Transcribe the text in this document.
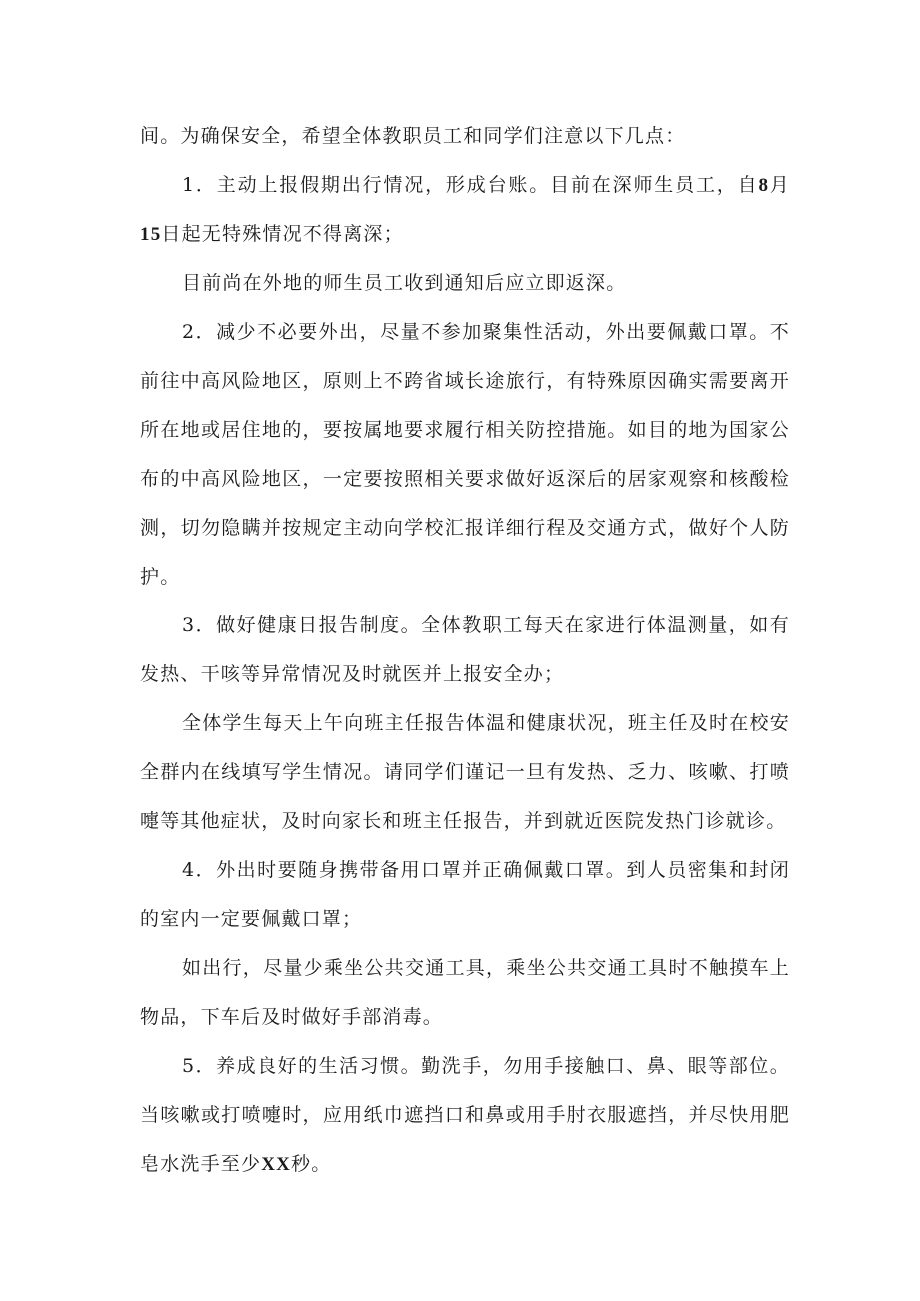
间。为确保安全，希望全体教职员工和同学们注意以下几点：

1．主动上报假期出行情况，形成台账。目前在深师生员工，自8月15日起无特殊情况不得离深；

目前尚在外地的师生员工收到通知后应立即返深。

2．减少不必要外出，尽量不参加聚集性活动，外出要佩戴口罩。不前往中高风险地区，原则上不跨省域长途旅行，有特殊原因确实需要离开所在地或居住地的，要按属地要求履行相关防控措施。如目的地为国家公布的中高风险地区，一定要按照相关要求做好返深后的居家观察和核酸检测，切勿隐瞒并按规定主动向学校汇报详细行程及交通方式，做好个人防护。

3．做好健康日报告制度。全体教职工每天在家进行体温测量，如有发热、干咳等异常情况及时就医并上报安全办；

全体学生每天上午向班主任报告体温和健康状况，班主任及时在校安全群内在线填写学生情况。请同学们谨记一旦有发热、乏力、咳嗽、打喷嚏等其他症状，及时向家长和班主任报告，并到就近医院发热门诊就诊。

4．外出时要随身携带备用口罩并正确佩戴口罩。到人员密集和封闭的室内一定要佩戴口罩；

如出行，尽量少乘坐公共交通工具，乘坐公共交通工具时不触摸车上物品，下车后及时做好手部消毒。

5．养成良好的生活习惯。勤洗手，勿用手接触口、鼻、眼等部位。当咳嗽或打喷嚏时，应用纸巾遮挡口和鼻或用手肘衣服遮挡，并尽快用肥皂水洗手至少XX秒。
